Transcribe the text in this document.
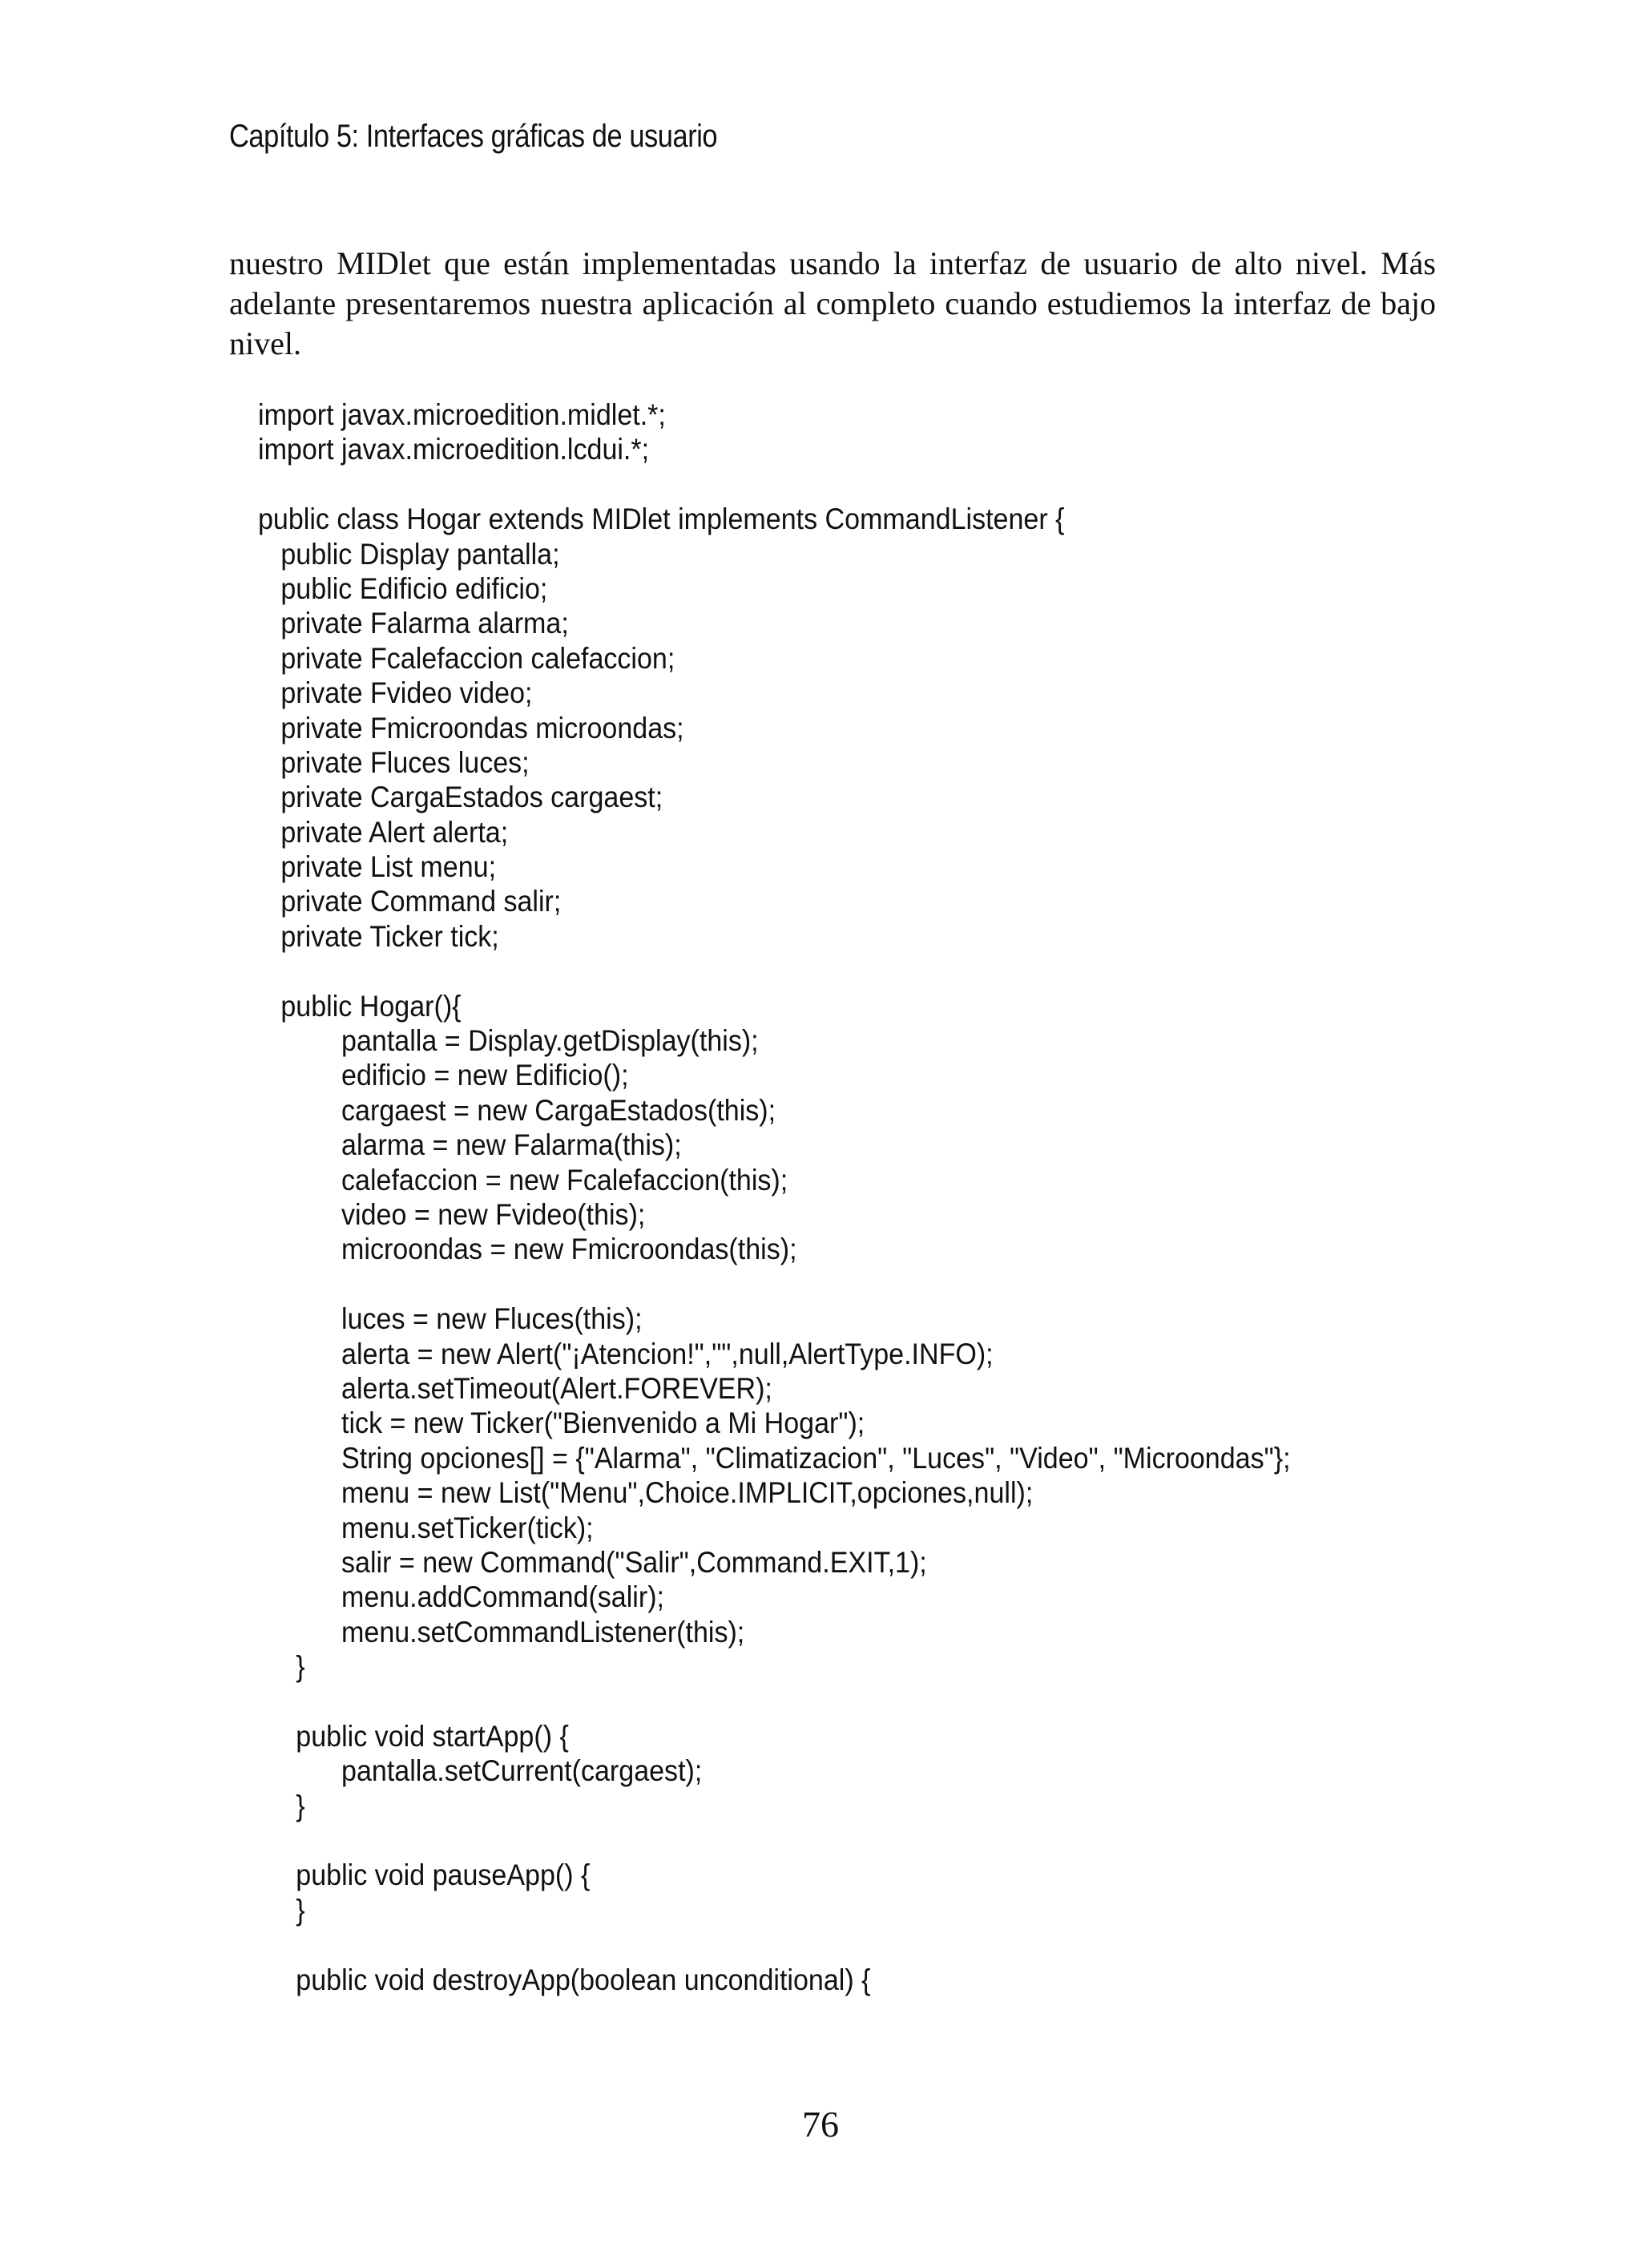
Capítulo 5: Interfaces gráficas de usuario
nuestro MIDlet que están implementadas usando la interfaz de usuario de alto nivel. Más adelante presentaremos nuestra aplicación al completo cuando estudiemos la interfaz de bajo nivel.
import javax.microedition.midlet.*;
import javax.microedition.lcdui.*;
public class Hogar extends MIDlet implements CommandListener {
public Display pantalla;
public Edificio edificio;
private Falarma alarma;
private Fcalefaccion calefaccion;
private Fvideo video;
private Fmicroondas microondas;
private Fluces luces;
private CargaEstados cargaest;
private Alert alerta;
private List menu;
private Command salir;
private Ticker tick;
public Hogar(){
pantalla = Display.getDisplay(this);
edificio = new Edificio();
cargaest = new CargaEstados(this);
alarma = new Falarma(this);
calefaccion = new Fcalefaccion(this);
video = new Fvideo(this);
microondas = new Fmicroondas(this);
luces = new Fluces(this);
alerta = new Alert("¡Atencion!","",null,AlertType.INFO);
alerta.setTimeout(Alert.FOREVER);
tick = new Ticker("Bienvenido a Mi Hogar");
String opciones[] = {"Alarma", "Climatizacion", "Luces", "Video", "Microondas"};
menu = new List("Menu",Choice.IMPLICIT,opciones,null);
menu.setTicker(tick);
salir = new Command("Salir",Command.EXIT,1);
menu.addCommand(salir);
menu.setCommandListener(this);
}
public void startApp() {
pantalla.setCurrent(cargaest);
}
public void pauseApp() {
}
public void destroyApp(boolean unconditional) {
76
